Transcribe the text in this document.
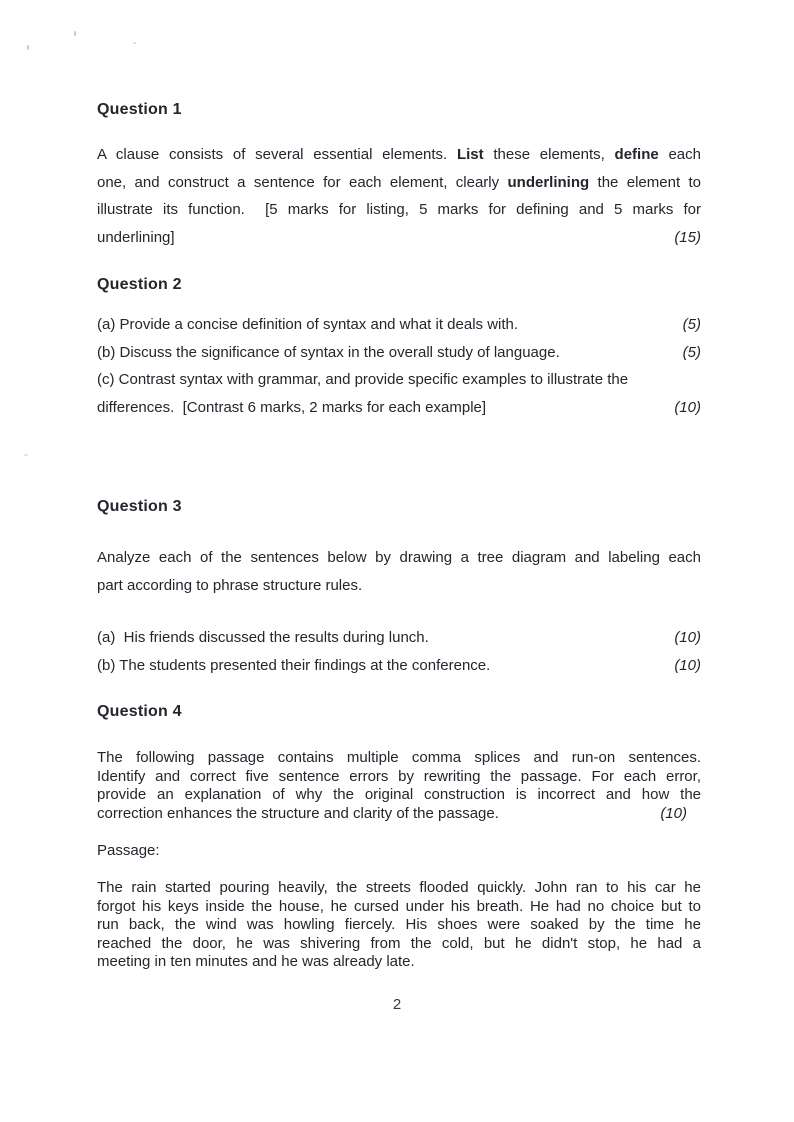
Question 1
A clause consists of several essential elements. List these elements, define each
one, and construct a sentence for each element, clearly underlining the element to
illustrate its function.  [5 marks for listing, 5 marks for defining and 5 marks for
underlining]	(15)
Question 2
(a) Provide a concise definition of syntax and what it deals with.	(5)
(b) Discuss the significance of syntax in the overall study of language.	(5)
(c) Contrast syntax with grammar, and provide specific examples to illustrate the
differences.  [Contrast 6 marks, 2 marks for each example]	(10)
Question 3
Analyze each of the sentences below by drawing a tree diagram and labeling each
part according to phrase structure rules.
(a)  His friends discussed the results during lunch.	(10)
(b) The students presented their findings at the conference.	(10)
Question 4
The following passage contains multiple comma splices and run-on sentences.
Identify and correct five sentence errors by rewriting the passage. For each error,
provide an explanation of why the original construction is incorrect and how the
correction enhances the structure and clarity of the passage.	(10)
Passage:
The rain started pouring heavily, the streets flooded quickly. John ran to his car he
forgot his keys inside the house, he cursed under his breath. He had no choice but to
run back, the wind was howling fiercely. His shoes were soaked by the time he
reached the door, he was shivering from the cold, but he didn't stop, he had a
meeting in ten minutes and he was already late.
2
